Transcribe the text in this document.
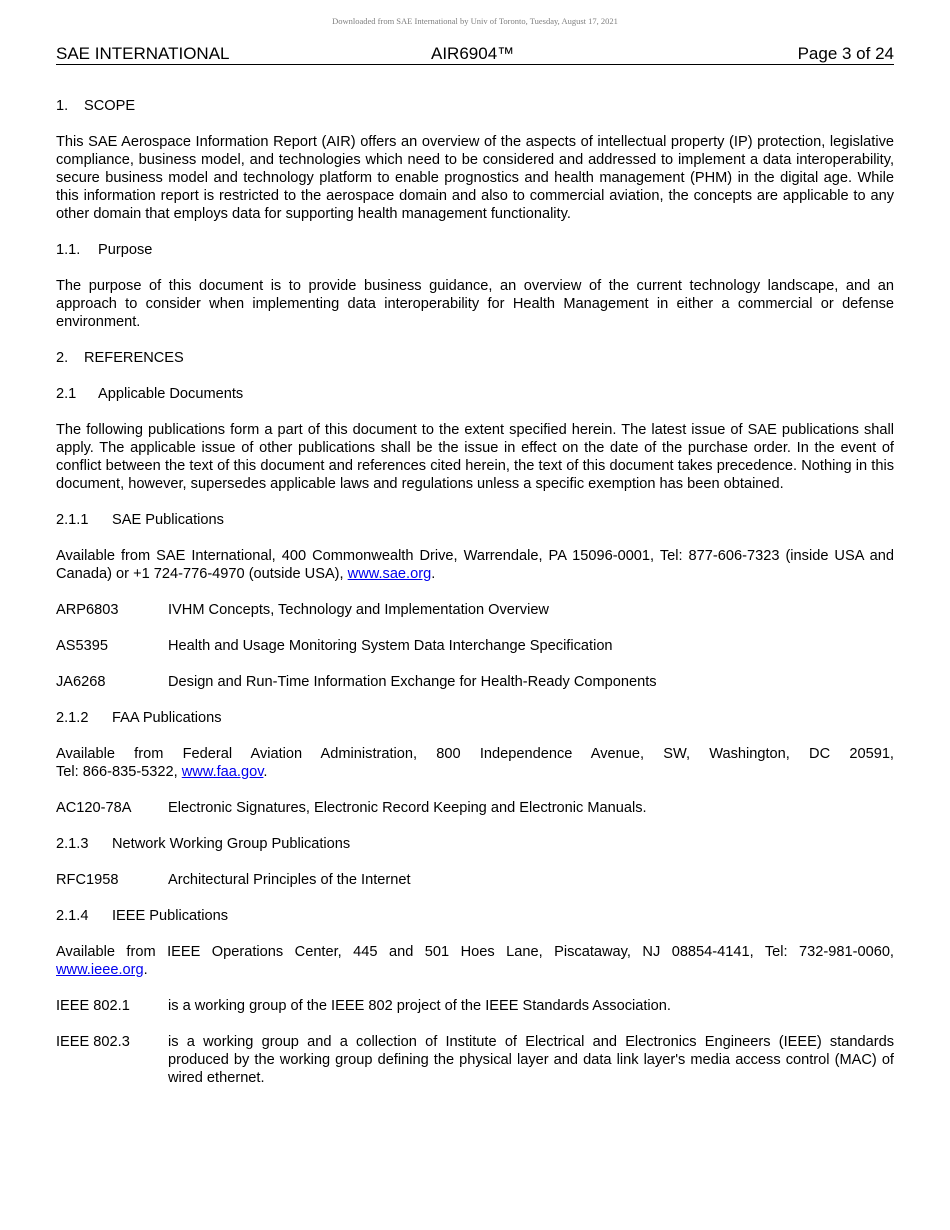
Downloaded from SAE International by Univ of Toronto, Tuesday, August 17, 2021
SAE INTERNATIONAL	AIR6904™	Page 3 of 24
1. SCOPE

This SAE Aerospace Information Report (AIR) offers an overview of the aspects of intellectual property (IP) protection, legislative compliance, business model, and technologies which need to be considered and addressed to implement a data interoperability, secure business model and technology platform to enable prognostics and health management (PHM) in the digital age. While this information report is restricted to the aerospace domain and also to commercial aviation, the concepts are applicable to any other domain that employs data for supporting health management functionality.

1.1. Purpose

The purpose of this document is to provide business guidance, an overview of the current technology landscape, and an approach to consider when implementing data interoperability for Health Management in either a commercial or defense environment.

2. REFERENCES
2.1 Applicable Documents

The following publications form a part of this document to the extent specified herein. The latest issue of SAE publications shall apply. The applicable issue of other publications shall be the issue in effect on the date of the purchase order. In the event of conflict between the text of this document and references cited herein, the text of this document takes precedence. Nothing in this document, however, supersedes applicable laws and regulations unless a specific exemption has been obtained.

2.1.1 SAE Publications

Available from SAE International, 400 Commonwealth Drive, Warrendale, PA 15096-0001, Tel: 877-606-7323 (inside USA and Canada) or +1 724-776-4970 (outside USA), www.sae.org.

ARP6803	IVHM Concepts, Technology and Implementation Overview
AS5395	Health and Usage Monitoring System Data Interchange Specification
JA6268	Design and Run-Time Information Exchange for Health-Ready Components
2.1.2 FAA Publications
Available from Federal Aviation Administration, 800 Independence Avenue, SW, Washington, DC 20591,
Tel: 866-835-5322, www.faa.gov.
AC120-78A	Electronic Signatures, Electronic Record Keeping and Electronic Manuals.
2.1.3 Network Working Group Publications
RFC1958	Architectural Principles of the Internet
2.1.4 IEEE Publications
Available from IEEE Operations Center, 445 and 501 Hoes Lane, Piscataway, NJ 08854-4141, Tel: 732-981-0060,
www.ieee.org.
IEEE 802.1	is a working group of the IEEE 802 project of the IEEE Standards Association.
IEEE 802.3	is a working group and a collection of Institute of Electrical and Electronics Engineers (IEEE) standards produced by the working group defining the physical layer and data link layer's media access control (MAC) of wired ethernet.
